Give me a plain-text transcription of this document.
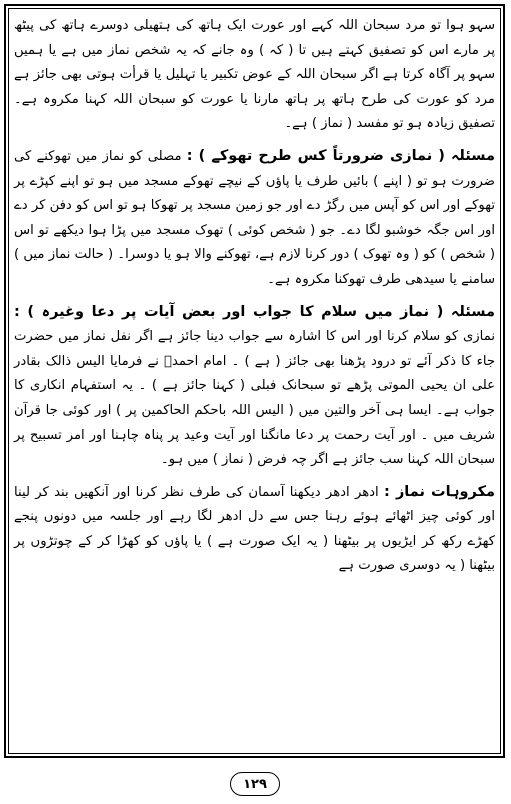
سہو ہوا تو مرد سبحان اللہ کہے اور عورت ایک ہاتھ کی ہتھیلی دوسرے ہاتھ کی پیٹھ پر مارے اس کو تصفیق کہتے ہیں تا ( کہ ) وہ جانے کہ یہ شخص نماز میں ہے یا ہمیں سہو پر آگاہ کرتا ہے اگر سبحان اللہ کے عوض تکبیر یا تہلیل یا قرأت ہوتی بھی جائز ہے مرد کو عورت کی طرح ہاتھ پر ہاتھ مارنا یا عورت کو سبحان اللہ کہنا مکروہ ہے۔ تصفیق زیادہ ہو تو مفسد ( نماز ) ہے۔

مسئلہ ( نمازی ضرورتاً کس طرح تھوکے ) : مصلی کو نماز میں تھوکنے کی ضرورت ہو تو ( اپنے ) بائیں طرف یا پاؤں کے نیچے تھوکے مسجد میں ہو تو اپنے کپڑے پر تھوکے اور اس کو آپس میں رگڑ دے اور جو زمین مسجد پر تھوکا ہو تو اس کو دفن کر دے اور اس جگہ خوشبو لگا دے۔ جو ( شخص کوئی ) تھوک مسجد میں پڑا ہوا دیکھے تو اس ( شخص ) کو ( وہ تھوک ) دور کرنا لازم ہے، تھوکنے والا ہو یا دوسرا۔ ( حالت نماز میں ) سامنے یا سیدھی طرف تھوکنا مکروہ ہے۔

مسئلہ ( نماز میں سلام کا جواب اور بعض آیات پر دعا وغیرہ ) : نمازی کو سلام کرنا اور اس کا اشارہ سے جواب دینا جائز ہے اگر نفل نماز میں حضرت جاء کا ذکر آئے تو درود پڑھنا بھی جائز ( ہے ) ۔ امام احمدؒ نے فرمایا الیس ذالک بقادر علی ان یحیی الموتی پڑھے تو سبحانک فبلی ( کہنا جائز ہے ) ۔ یہ استفہام انکاری کا جواب ہے۔ ایسا ہی آخر والتین میں ( الیس اللہ باحکم الحاکمین پر ) اور کوئی جا قرآن شریف میں ۔ اور آیت رحمت پر دعا مانگنا اور آیت وعید پر پناہ چاہنا اور امر تسبیح پر سبحان اللہ کہنا سب جائز ہے اگر چہ فرض ( نماز ) میں ہو۔

مکروہات نماز : ادھر ادھر دیکھنا آسمان کی طرف نظر کرنا اور آنکھیں بند کر لینا اور کوئی چیز اٹھائے ہوئے رہنا جس سے دل ادھر لگا رہے اور جلسہ میں دونوں پنجے کھڑے رکھ کر ایڑیوں پر بیٹھنا ( یہ ایک صورت ہے ) یا پاؤں کو کھڑا کر کے چوتڑوں پر بیٹھنا ( یہ دوسری صورت ہے

۱۲۹
